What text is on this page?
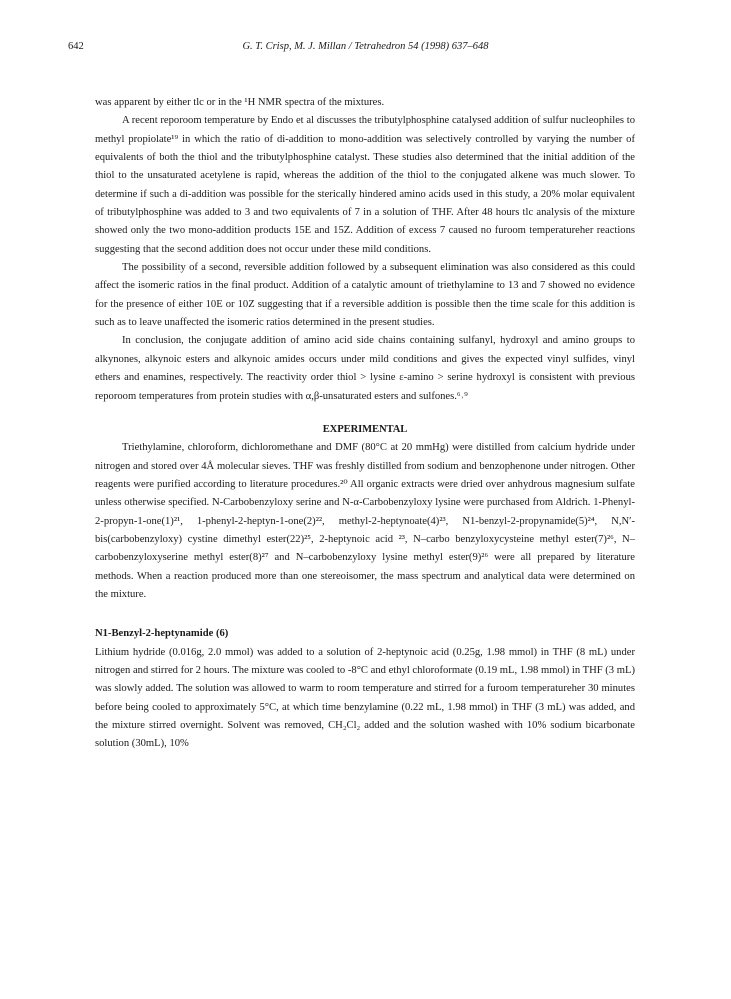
642	G. T. Crisp, M. J. Millan / Tetrahedron 54 (1998) 637–648

was apparent by either tlc or in the ¹H NMR spectra of the mixtures.

A recent reporoom temperature by Endo et al discusses the tributylphosphine catalysed addition of sulfur nucleophiles to methyl propiolate¹⁹ in which the ratio of di-addition to mono-addition was selectively controlled by varying the number of equivalents of both the thiol and the tributylphosphine catalyst. These studies also determined that the initial addition of the thiol to the unsaturated acetylene is rapid, whereas the addition of the thiol to the conjugated alkene was much slower. To determine if such a di-addition was possible for the sterically hindered amino acids used in this study, a 20% molar equivalent of tributylphosphine was added to 3 and two equivalents of 7 in a solution of THF. After 48 hours tlc analysis of the mixture showed only the two mono-addition products 15E and 15Z. Addition of excess 7 caused no furoom temperatureher reactions suggesting that the second addition does not occur under these mild conditions.

The possibility of a second, reversible addition followed by a subsequent elimination was also considered as this could affect the isomeric ratios in the final product. Addition of a catalytic amount of triethylamine to 13 and 7 showed no evidence for the presence of either 10E or 10Z suggesting that if a reversible addition is possible then the time scale for this addition is such as to leave unaffected the isomeric ratios determined in the present studies.

In conclusion, the conjugate addition of amino acid side chains containing sulfanyl, hydroxyl and amino groups to alkynones, alkynoic esters and alkynoic amides occurs under mild conditions and gives the expected vinyl sulfides, vinyl ethers and enamines, respectively. The reactivity order thiol > lysine ε-amino > serine hydroxyl is consistent with previous reporoom temperatures from protein studies with α,β-unsaturated esters and sulfones.⁶˒⁹

EXPERIMENTAL

Triethylamine, chloroform, dichloromethane and DMF (80°C at 20 mmHg) were distilled from calcium hydride under nitrogen and stored over 4Å molecular sieves. THF was freshly distilled from sodium and benzophenone under nitrogen. Other reagents were purified according to literature procedures.²⁰ All organic extracts were dried over anhydrous magnesium sulfate unless otherwise specified. N-Carbobenzyloxy serine and N-α-Carbobenzyloxy lysine were purchased from Aldrich. 1-Phenyl-2-propyn-1-one(1)²¹, 1-phenyl-2-heptyn-1-one(2)²², methyl-2-heptynoate(4)²³, N1-benzyl-2-propynamide(5)²⁴, N,N′-bis(carbobenzyloxy) cystine dimethyl ester(22)²⁵, 2-heptynoic acid ²³, N–carbo benzyloxycysteine methyl ester(7)²⁶, N–carbobenzyloxyserine methyl ester(8)²⁷ and N–carbobenzyloxy lysine methyl ester(9)²⁶ were all prepared by literature methods. When a reaction produced more than one stereoisomer, the mass spectrum and analytical data were determined on the mixture.

N1-Benzyl-2-heptynamide (6)

Lithium hydride (0.016g, 2.0 mmol) was added to a solution of 2-heptynoic acid (0.25g, 1.98 mmol) in THF (8 mL) under nitrogen and stirred for 2 hours. The mixture was cooled to -8°C and ethyl chloroformate (0.19 mL, 1.98 mmol) in THF (3 mL) was slowly added. The solution was allowed to warm to room temperature and stirred for a furoom temperatureher 30 minutes before being cooled to approximately 5°C, at which time benzylamine (0.22 mL, 1.98 mmol) in THF (3 mL) was added, and the mixture stirred overnight. Solvent was removed, CH₂Cl₂ added and the solution washed with 10% sodium bicarbonate solution (30mL), 10%
